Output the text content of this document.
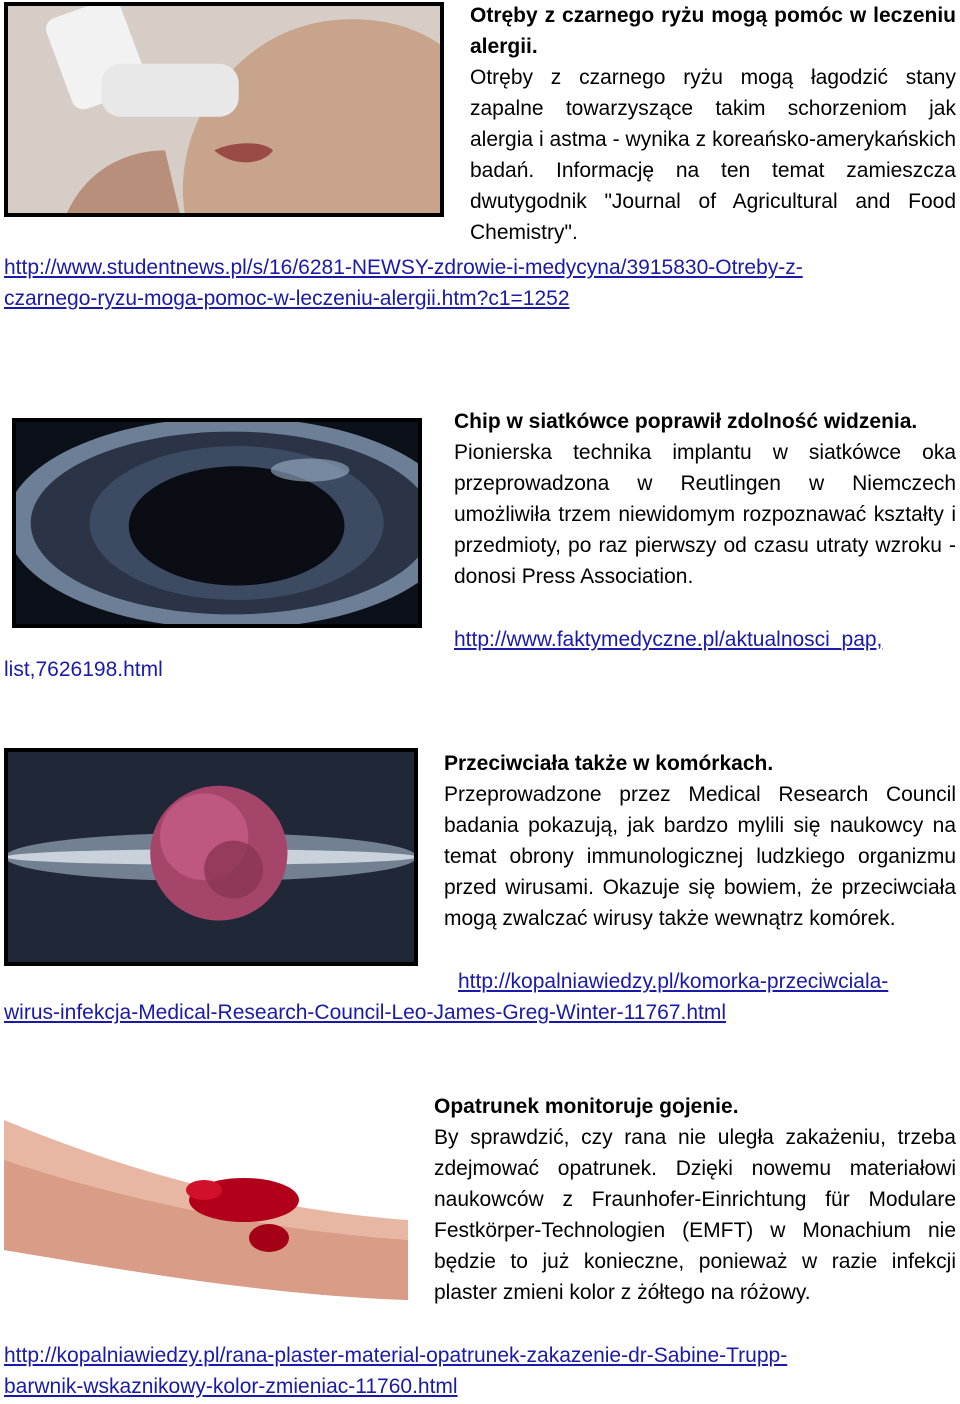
Otręby z czarnego ryżu mogą pomóc w leczeniu alergii.
Otręby z czarnego ryżu mogą łagodzić stany zapalne towarzyszące takim schorzeniom jak alergia i astma - wynika z koreańsko-amerykańskich badań. Informację na ten temat zamieszcza dwutygodnik "Journal of Agricultural and Food Chemistry".
http://www.studentnews.pl/s/16/6281-NEWSY-zdrowie-i-medycyna/3915830-Otreby-z-
czarnego-ryzu-moga-pomoc-w-leczeniu-alergii.htm?c1=1252
Chip w siatkówce poprawił zdolność widzenia.
Pionierska technika implantu w siatkówce oka przeprowadzona w Reutlingen w Niemczech umożliwiła trzem niewidomym rozpoznawać kształty i przedmioty, po raz pierwszy od czasu utraty wzroku - donosi Press Association.
http://www.faktymedyczne.pl/aktualnosci_pap,
list,7626198.html
Przeciwciała także w komórkach.
Przeprowadzone przez Medical Research Council badania pokazują, jak bardzo mylili się naukowcy na temat obrony immunologicznej ludzkiego organizmu przed wirusami. Okazuje się bowiem, że przeciwciała mogą zwalczać wirusy także wewnątrz komórek.
http://kopalniawiedzy.pl/komorka-przeciwciala-
wirus-infekcja-Medical-Research-Council-Leo-James-Greg-Winter-11767.html
Opatrunek monitoruje gojenie.
By sprawdzić, czy rana nie uległa zakażeniu, trzeba zdejmować opatrunek. Dzięki nowemu materiałowi naukowców z Fraunhofer-Einrichtung für Modulare Festkörper-Technologien (EMFT) w Monachium nie będzie to już konieczne, ponieważ w razie infekcji plaster zmieni kolor z żółtego na różowy.
http://kopalniawiedzy.pl/rana-plaster-material-opatrunek-zakazenie-dr-Sabine-Trupp-
barwnik-wskaznikowy-kolor-zmieniac-11760.html
